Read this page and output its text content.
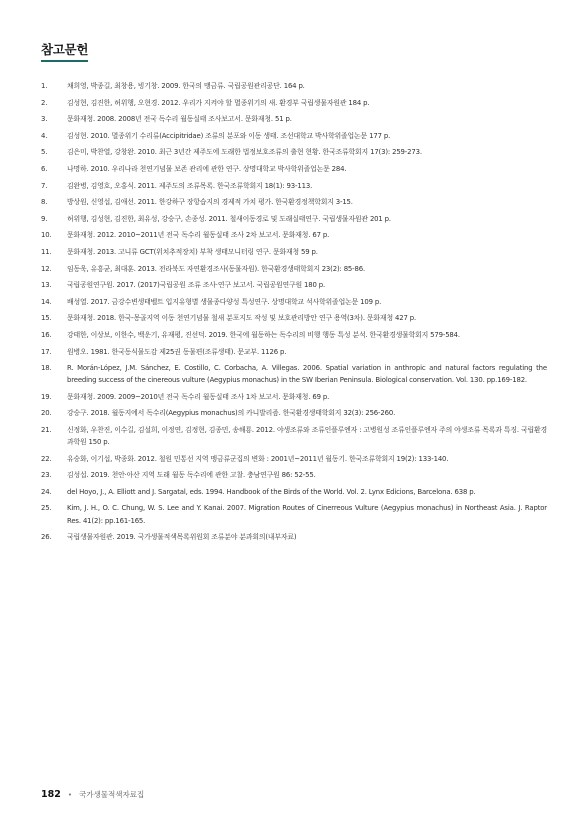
참고문헌
1.	채희영, 박종길, 최창용, 빙기창. 2009. 한국의 맹금류. 국립공원관리공단. 164 p.
2.	김성현, 김진한, 허위행, 오현경. 2012. 우리가 지켜야 할 멸종위기의 새. 환경부 국립생물자원관 184 p.
3.	문화재청. 2008. 2008년 전국 독수리 월동실태 조사보고서. 문화재청. 51 p.
4.	김성현. 2010. 멸종위기 수리류(Accipitridae) 조류의 분포와 이동 생태. 조선대학교 박사학위졸업논문 177 p.
5.	김은미, 박찬열, 강창완. 2010. 최근 3년간 제주도에 도래한 법정보호조류의 출현 현황. 한국조류학회지 17(3): 259-273.
6.	나명하. 2010. 우리나라 천연기념물 보존 관리에 관한 연구. 상명대학교 박사학위졸업논문 284.
7.	김완병, 김영호, 오홍식. 2011. 제주도의 조류목록. 한국조류학회지 18(1): 93-113.
8.	방상원, 신영섭, 김애선. 2011. 한강하구 장항습지의 경제적 가치 평가. 한국환경정책학회지 3-15.
9.	허위행, 김성현, 김진한, 최유성, 강승구, 손종성. 2011. 철새이동경로 및 도래실태연구. 국립생물자원관 201 p.
10. 문화재청. 2012. 2010~2011년 전국 독수리 월동실태 조사 2차 보고서. 문화재청. 67 p.
11. 문화재청. 2013. 고니류 GCT(위치추적장치) 부착 생태모니터링 연구. 문화재청 59 p.
12. 임동욱, 유흥균, 최대훈. 2013. 전라북도 자연환경조사(동물자원). 한국환경생태학회지 23(2): 85-86.
13. 국립공원연구원. 2017. (2017)국립공원 조류 조사·연구 보고서. 국립공원연구원 180 p.
14. 배성열. 2017. 금강수변생태벨트 입지유형별 생물종다양성 특성연구. 상명대학교 석사학위졸업논문 109 p.
15. 문화재청. 2018. 한국-몽골지역 이동 천연기념물 철새 분포지도 작성 및 보호관리방안 연구 용역(3차). 문화재청 427 p.
16. 강태한, 이상보, 이한수, 백운기, 유재평, 진선덕. 2019. 한국에 월동하는 독수리의 비행 행동 특성 분석. 한국환경생물학회지 579-584.
17. 원병오. 1981. 한국동식물도감 제25권 동물편(조류생태). 문교부. 1126 p.
18. R. Morán-López, J.M. Sánchez, E. Costillo, C. Corbacha, A. Villegas. 2006. Spatial variation in anthropic and natural factors regulating the breeding success of the cinereous vulture (Aegypius monachus) in the SW Iberian Peninsula. Biological conservation. Vol. 130. pp.169-182.
19. 문화재청. 2009. 2009~2010년 전국 독수리 월동실태 조사 1차 보고서. 문화재청. 69 p.
20. 강승구. 2018. 월동지에서 독수리(Aegypius monachus)의 카니발리즘. 한국환경생태학회지 32(3): 256-260.
21. 신정화, 우찬진, 이수길, 김설희, 이정연, 김정현, 김종민, 송해룡. 2012. 야생조류와 조류인플루엔자 : 고병원성 조류인플루엔자 주의 야생조류 목록과 특징. 국립환경과학원 150 p.
22. 유승화, 이기섭, 박종화. 2012. 철원 민통선 지역 맹금류군집의 변화 : 2001년~2011년 월동기. 한국조류학회지 19(2): 133-140.
23. 김성섭. 2019. 천안·아산 지역 도래 월동 독수리에 관한 고찰. 충남연구원 86: 52-55.
24. del Hoyo, J., A. Elliott and J. Sargatal, eds. 1994. Handbook of the Birds of the World. Vol. 2. Lynx Edicions, Barcelona. 638 p.
25. Kim, J. H., O. C. Chung, W. S. Lee and Y. Kanai. 2007. Migration Routes of Cinerreous Vulture (Aegypius monachus) in Northeast Asia. J. Raptor Res. 41(2): pp.161-165.
26. 국립생물자원관. 2019. 국가생물적색목록위원회 조류분야 분과회의(내부자료)
182 • 국가생물적색자료집
